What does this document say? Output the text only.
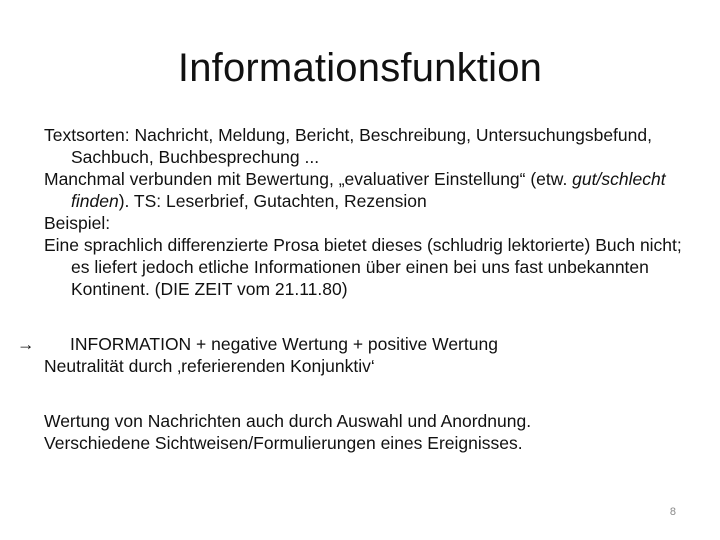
Informationsfunktion

Textsorten: Nachricht, Meldung, Bericht, Beschreibung, Untersuchungsbefund, Sachbuch, Buchbesprechung ...

Manchmal verbunden mit Bewertung, „evaluativer Einstellung“ (etw. gut/schlecht finden). TS: Leserbrief, Gutachten, Rezension

Beispiel:

Eine sprachlich differenzierte Prosa bietet dieses (schludrig lektorierte) Buch nicht; es liefert jedoch etliche Informationen über einen bei uns fast unbekannten Kontinent. (DIE ZEIT vom 21.11.80)

→ INFORMATION + negative Wertung + positive Wertung

Neutralität durch ‚referierenden Konjunktiv‘

Wertung von Nachrichten auch durch Auswahl und Anordnung.

Verschiedene Sichtweisen/Formulierungen eines Ereignisses.

8
